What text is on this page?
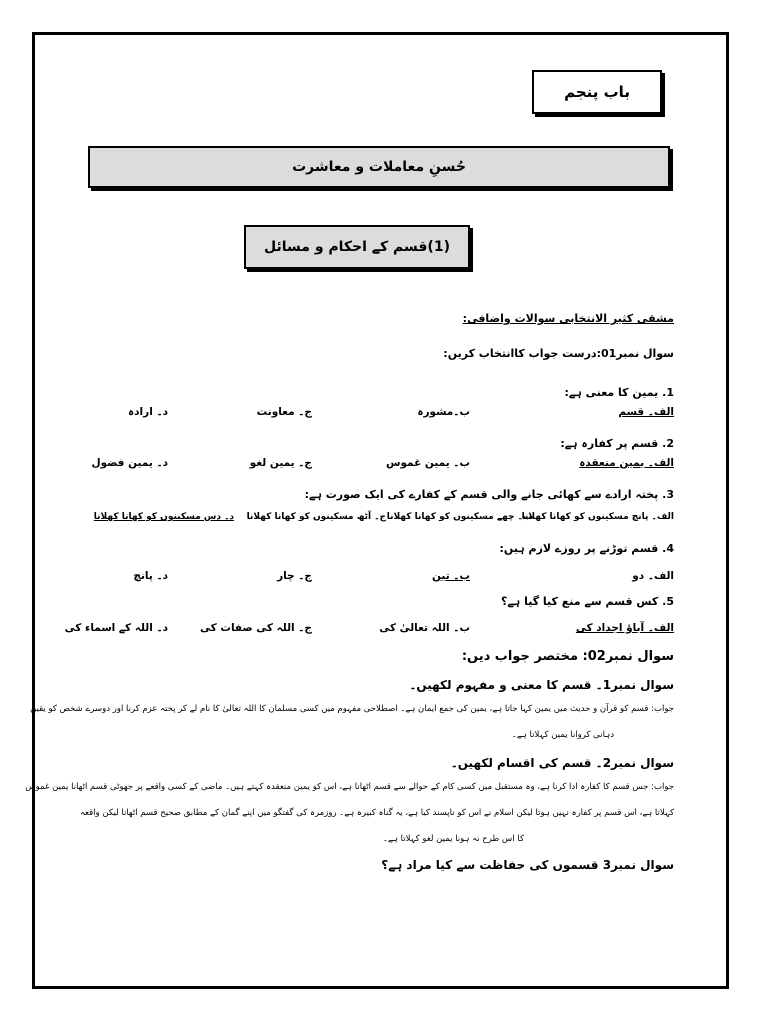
باب پنجم
حُسنِ معاملات و معاشرت
(1)قسم کے احکام و مسائل
مشقی کثیر الانتخابی سوالات واضافی:
سوال نمبر01:درست جواب کاانتخاب کریں:
1. یمین کا معنی ہے:
الف۔ قسم
ب۔مشورہ
ج۔ معاونت
د۔ ارادہ
2. قسم پر کفارہ ہے:
الف۔ یمین منعقدہ
ب۔ یمین غموس
ج۔ یمین لغو
د۔ یمین فضول
3. پختہ ارادے سے کھائی جانے والی قسم کے کفارے کی ایک صورت ہے:
الف۔ پانچ مسکینوں کو کھانا کھلانا
ب۔ چھے مسکینوں کو کھانا کھلانا
ج۔ آٹھ مسکینوں کو کھانا کھلانا
د۔ دس مسکینوں کو کھانا کھلانا
4. قسم توڑنے پر روزے لازم ہیں:
الف۔ دو
ب۔ تین
ج۔ چار
د۔ پانچ
5. کس قسم سے منع کیا گیا ہے؟
الف۔ آباؤ اجداد کی
ب۔ اللہ تعالیٰ کی
ج۔ اللہ کی صفات کی
د۔ اللہ کے اسماء کی
سوال نمبر02: مختصر جواب دیں:
سوال نمبر1۔ قسم کا معنی و مفہوم لکھیں۔
جواب: قسم کو قرآن و حدیث میں یمین کہا جاتا ہے، یمین کی جمع ایمان ہے۔ اصطلاحی مفہوم میں کسی مسلمان کا اللہ تعالیٰ کا نام لے کر پختہ عزم کرنا اور دوسرے شخص کو یقین
دہانی کروانا یمین کہلاتا ہے۔
سوال نمبر2۔ قسم کی اقسام لکھیں۔
جواب: جس قسم کا کفارہ ادا کرنا ہے، وہ مستقبل میں کسی کام کے حوالے سے قسم اٹھانا ہے، اس کو یمین منعقدہ کہتے ہیں۔ ماضی کے کسی واقعے پر جھوٹی قسم اٹھانا یمین غموس
کہلاتا ہے، اس قسم پر کفارہ نہیں ہوتا لیکن اسلام نے اس کو ناپسند کیا ہے، یہ گناہ کبیرہ ہے۔ روزمرہ کی گفتگو میں اپنے گمان کے مطابق صحیح قسم اٹھانا لیکن واقعہ
کا اس طرح نہ ہونا یمین لغو کہلاتا ہے۔
سوال نمبر3 قسموں کی حفاظت سے کیا مراد ہے؟
